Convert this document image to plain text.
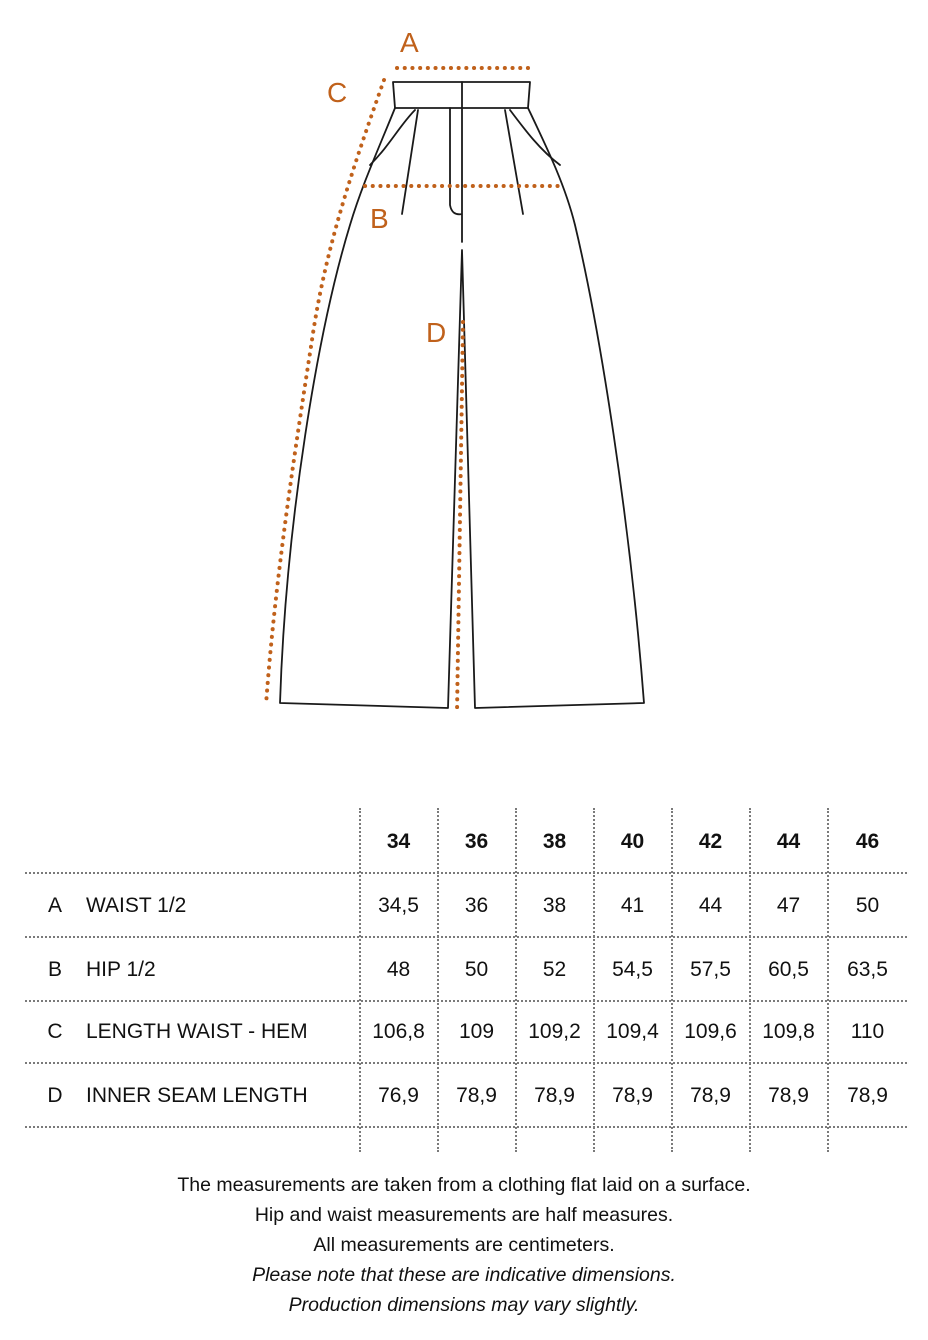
A
C
B
D
34	36	38	40	42	44	46
A	WAIST 1/2	34,5	36	38	41	44	47	50
B	HIP 1/2	48	50	52	54,5	57,5	60,5	63,5
C	LENGTH WAIST - HEM	106,8	109	109,2	109,4	109,6	109,8	110
D	INNER SEAM LENGTH	76,9	78,9	78,9	78,9	78,9	78,9	78,9
The measurements are taken from a clothing flat laid on a surface.
Hip and waist measurements are half measures.
All measurements are centimeters.
Please note that these are indicative dimensions.
Production dimensions may vary slightly.
